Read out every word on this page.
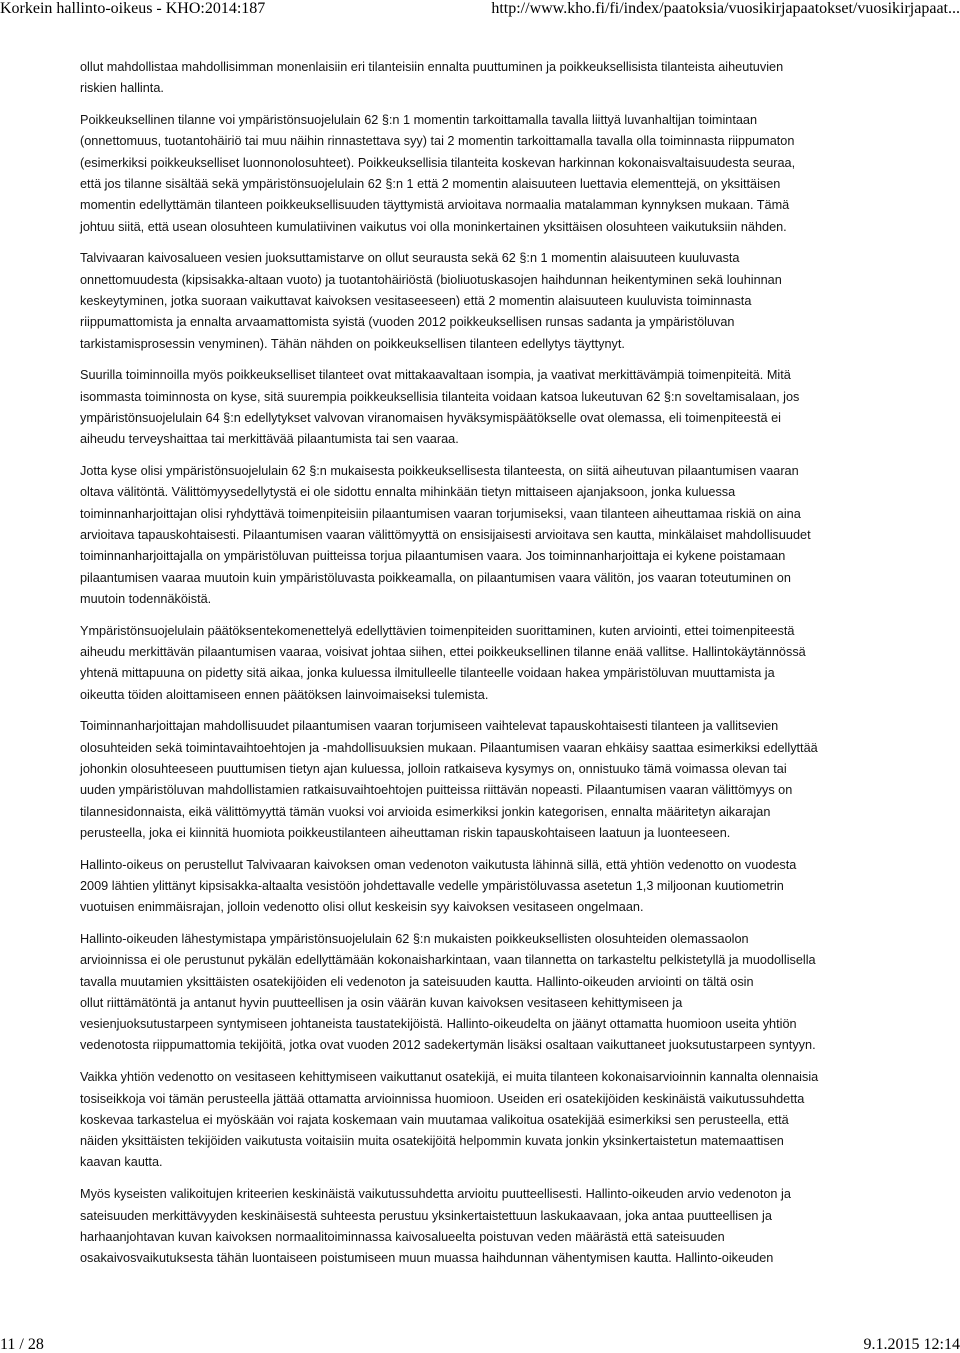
Korkein hallinto-oikeus - KHO:2014:187	http://www.kho.fi/fi/index/paatoksia/vuosikirjapaatokset/vuosikirjapaat...
ollut mahdollistaa mahdollisimman monenlaisiin eri tilanteisiin ennalta puuttuminen ja poikkeuksellisista tilanteista aiheutuvien
riskien hallinta.
Poikkeuksellinen tilanne voi ympäristönsuojelulain 62 §:n 1 momentin tarkoittamalla tavalla liittyä luvanhaltijan toimintaan
(onnettomuus, tuotantohäiriö tai muu näihin rinnastettava syy) tai 2 momentin tarkoittamalla tavalla olla toiminnasta riippumaton
(esimerkiksi poikkeukselliset luonnonolosuhteet). Poikkeuksellisia tilanteita koskevan harkinnan kokonaisvaltaisuudesta seuraa,
että jos tilanne sisältää sekä ympäristönsuojelulain 62 §:n 1 että 2 momentin alaisuuteen luettavia elementtejä, on yksittäisen
momentin edellyttämän tilanteen poikkeuksellisuuden täyttymistä arvioitava normaalia matalamman kynnyksen mukaan. Tämä
johtuu siitä, että usean olosuhteen kumulatiivinen vaikutus voi olla moninkertainen yksittäisen olosuhteen vaikutuksiin nähden.
Talvivaaran kaivosalueen vesien juoksuttamistarve on ollut seurausta sekä 62 §:n 1 momentin alaisuuteen kuuluvasta
onnettomuudesta (kipsisakka-altaan vuoto) ja tuotantohäiriöstä (bioliuotuskasojen haihdunnan heikentyminen sekä louhinnan
keskeytyminen, jotka suoraan vaikuttavat kaivoksen vesitaseeseen) että 2 momentin alaisuuteen kuuluvista toiminnasta
riippumattomista ja ennalta arvaamattomista syistä (vuoden 2012 poikkeuksellisen runsas sadanta ja ympäristöluvan
tarkistamisprosessin venyminen). Tähän nähden on poikkeuksellisen tilanteen edellytys täyttynyt.
Suurilla toiminnoilla myös poikkeukselliset tilanteet ovat mittakaavaltaan isompia, ja vaativat merkittävämpiä toimenpiteitä. Mitä
isommasta toiminnosta on kyse, sitä suurempia poikkeuksellisia tilanteita voidaan katsoa lukeutuvan 62 §:n soveltamisalaan, jos
ympäristönsuojelulain 64 §:n edellytykset valvovan viranomaisen hyväksymispäätökselle ovat olemassa, eli toimenpiteestä ei
aiheudu terveyshaittaa tai merkittävää pilaantumista tai sen vaaraa.
Jotta kyse olisi ympäristönsuojelulain 62 §:n mukaisesta poikkeuksellisesta tilanteesta, on siitä aiheutuvan pilaantumisen vaaran
oltava välitöntä. Välittömyysedellytystä ei ole sidottu ennalta mihinkään tietyn mittaiseen ajanjaksoon, jonka kuluessa
toiminnanharjoittajan olisi ryhdyttävä toimenpiteisiin pilaantumisen vaaran torjumiseksi, vaan tilanteen aiheuttamaa riskiä on aina
arvioitava tapauskohtaisesti. Pilaantumisen vaaran välittömyyttä on ensisijaisesti arvioitava sen kautta, minkälaiset mahdollisuudet
toiminnanharjoittajalla on ympäristöluvan puitteissa torjua pilaantumisen vaara. Jos toiminnanharjoittaja ei kykene poistamaan
pilaantumisen vaaraa muutoin kuin ympäristöluvasta poikkeamalla, on pilaantumisen vaara välitön, jos vaaran toteutuminen on
muutoin todennäköistä.
Ympäristönsuojelulain päätöksentekomenettelyä edellyttävien toimenpiteiden suorittaminen, kuten arviointi, ettei toimenpiteestä
aiheudu merkittävän pilaantumisen vaaraa, voisivat johtaa siihen, ettei poikkeuksellinen tilanne enää vallitse. Hallintokäytännössä
yhtenä mittapuuna on pidetty sitä aikaa, jonka kuluessa ilmitulleelle tilanteelle voidaan hakea ympäristöluvan muuttamista ja
oikeutta töiden aloittamiseen ennen päätöksen lainvoimaiseksi tulemista.
Toiminnanharjoittajan mahdollisuudet pilaantumisen vaaran torjumiseen vaihtelevat tapauskohtaisesti tilanteen ja vallitsevien
olosuhteiden sekä toimintavaihtoehtojen ja -mahdollisuuksien mukaan. Pilaantumisen vaaran ehkäisy saattaa esimerkiksi edellyttää
johonkin olosuhteeseen puuttumisen tietyn ajan kuluessa, jolloin ratkaiseva kysymys on, onnistuuko tämä voimassa olevan tai
uuden ympäristöluvan mahdollistamien ratkaisuvaihtoehtojen puitteissa riittävän nopeasti. Pilaantumisen vaaran välittömyys on
tilannesidonnaista, eikä välittömyyttä tämän vuoksi voi arvioida esimerkiksi jonkin kategorisen, ennalta määritetyn aikarajan
perusteella, joka ei kiinnitä huomiota poikkeustilanteen aiheuttaman riskin tapauskohtaiseen laatuun ja luonteeseen.
Hallinto-oikeus on perustellut Talvivaaran kaivoksen oman vedenoton vaikutusta lähinnä sillä, että yhtiön vedenotto on vuodesta
2009 lähtien ylittänyt kipsisakka-altaalta vesistöön johdettavalle vedelle ympäristöluvassa asetetun 1,3 miljoonan kuutiometrin
vuotuisen enimmäisrajan, jolloin vedenotto olisi ollut keskeisin syy kaivoksen vesitaseen ongelmaan.
Hallinto-oikeuden lähestymistapa ympäristönsuojelulain 62 §:n mukaisten poikkeuksellisten olosuhteiden olemassaolon
arvioinnissa ei ole perustunut pykälän edellyttämään kokonaisharkintaan, vaan tilannetta on tarkasteltu pelkistetyllä ja muodollisella
tavalla muutamien yksittäisten osatekijöiden eli vedenoton ja sateisuuden kautta. Hallinto-oikeuden arviointi on tältä osin
ollut riittämätöntä ja antanut hyvin puutteellisen ja osin väärän kuvan kaivoksen vesitaseen kehittymiseen ja
vesienjuoksutustarpeen syntymiseen johtaneista taustatekijöistä. Hallinto-oikeudelta on jäänyt ottamatta huomioon useita yhtiön
vedenotosta riippumattomia tekijöitä, jotka ovat vuoden 2012 sadekertymän lisäksi osaltaan vaikuttaneet juoksutustarpeen syntyyn.
Vaikka yhtiön vedenotto on vesitaseen kehittymiseen vaikuttanut osatekijä, ei muita tilanteen kokonaisarvioinnin kannalta olennaisia
tosiseikkoja voi tämän perusteella jättää ottamatta arvioinnissa huomioon. Useiden eri osatekijöiden keskinäistä vaikutussuhdetta
koskevaa tarkastelua ei myöskään voi rajata koskemaan vain muutamaa valikoitua osatekijää esimerkiksi sen perusteella, että
näiden yksittäisten tekijöiden vaikutusta voitaisiin muita osatekijöitä helpommin kuvata jonkin yksinkertaistetun matemaattisen
kaavan kautta.
Myös kyseisten valikoitujen kriteerien keskinäistä vaikutussuhdetta arvioitu puutteellisesti. Hallinto-oikeuden arvio vedenoton ja
sateisuuden merkittävyyden keskinäisestä suhteesta perustuu yksinkertaistettuun laskukaavaan, joka antaa puutteellisen ja
harhaanjohtavan kuvan kaivoksen normaalitoiminnassa kaivosalueelta poistuvan veden määrästä että sateisuuden
osakaivosvaikutuksesta tähän luontaiseen poistumiseen muun muassa haihdunnan vähentymisen kautta. Hallinto-oikeuden
11 / 28	9.1.2015 12:14
